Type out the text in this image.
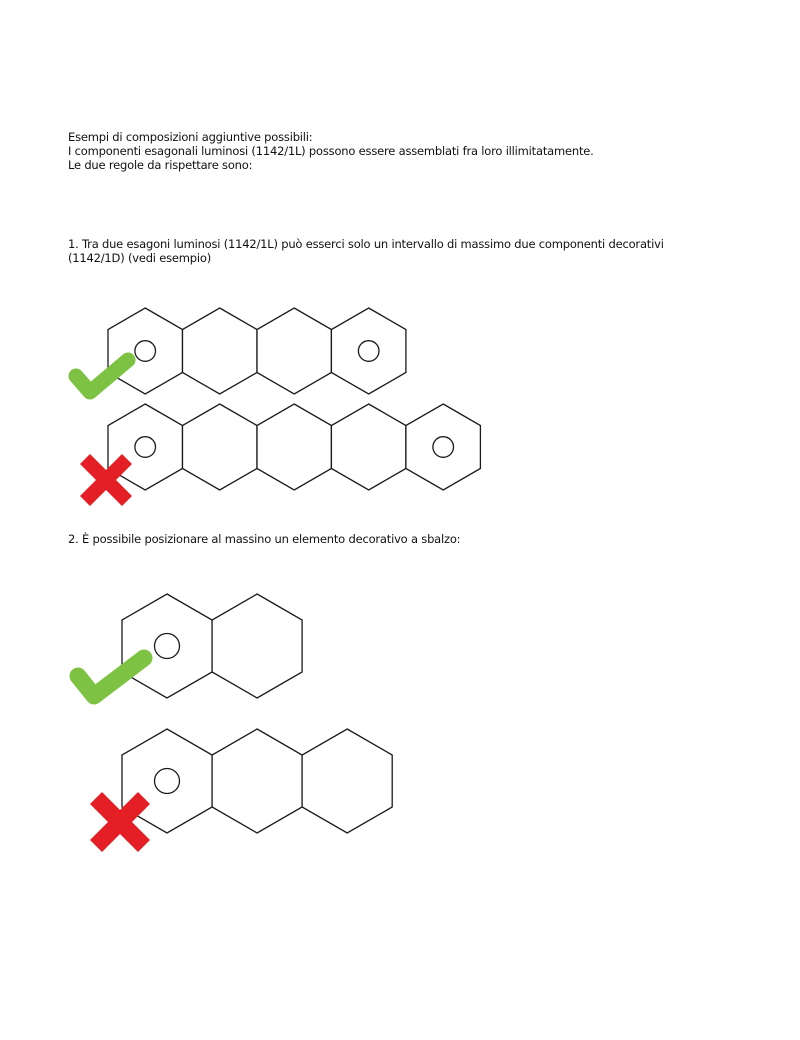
Esempi di composizioni aggiuntive possibili:

I componenti esagonali luminosi (1142/1L) possono essere assemblati fra loro illimitatamente.

Le due regole da rispettare sono:

1. Tra due esagoni luminosi (1142/1L) può esserci solo un intervallo di massimo due componenti decorativi (1142/1D) (vedi esempio)

2. È possibile posizionare al massino un elemento decorativo a sbalzo:
